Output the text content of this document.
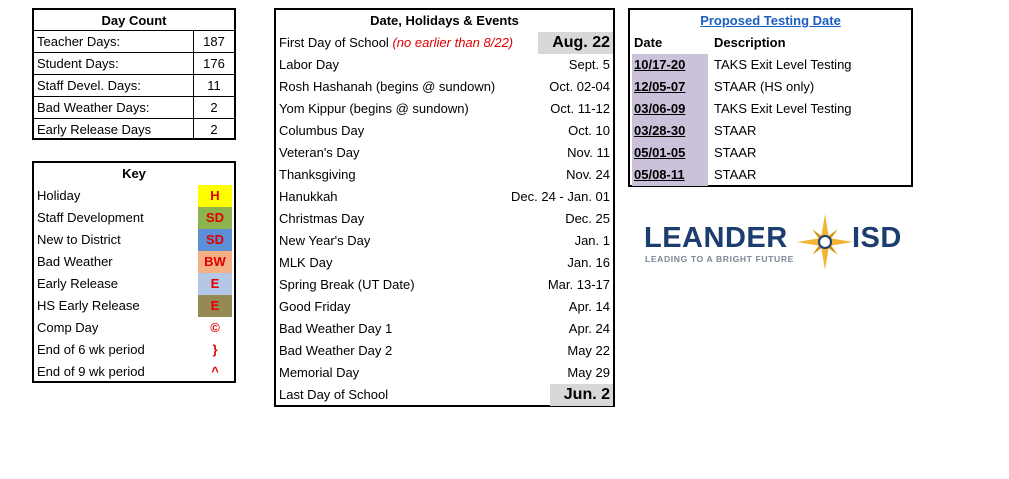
Day Count	
Teacher Days:	187
Student Days:	176
Staff Devel. Days:	11
Bad Weather Days:	2
Early Release Days	2
Key
Holiday	H
Staff Development	SD
New to District	SD
Bad Weather	BW
Early Release	E
HS Early Release	E
Comp Day	©
End of 6 wk period	}
End of 9 wk period	^
Date, Holidays & Events
First Day of School (no earlier than 8/22)	Aug. 22
Labor Day	Sept. 5
Rosh Hashanah (begins @ sundown)	Oct. 02-04
Yom Kippur (begins @ sundown)	Oct. 11-12
Columbus Day	Oct. 10
Veteran's Day	Nov. 11
Thanksgiving	Nov. 24
Hanukkah	Dec. 24 - Jan. 01
Christmas Day	Dec. 25
New Year's Day	Jan. 1
MLK Day	Jan. 16
Spring Break (UT Date)	Mar. 13-17
Good Friday	Apr. 14
Bad Weather Day 1	Apr. 24
Bad Weather Day 2	May 22
Memorial Day	May 29
Last Day of School	Jun. 2
Proposed Testing Date
Date	Description
10/17-20	TAKS Exit Level Testing
12/05-07	STAAR (HS only)
03/06-09	TAKS Exit Level Testing
03/28-30	STAAR
05/01-05	STAAR
05/08-11	STAAR
LEANDER ISD
LEADING TO A BRIGHT FUTURE
